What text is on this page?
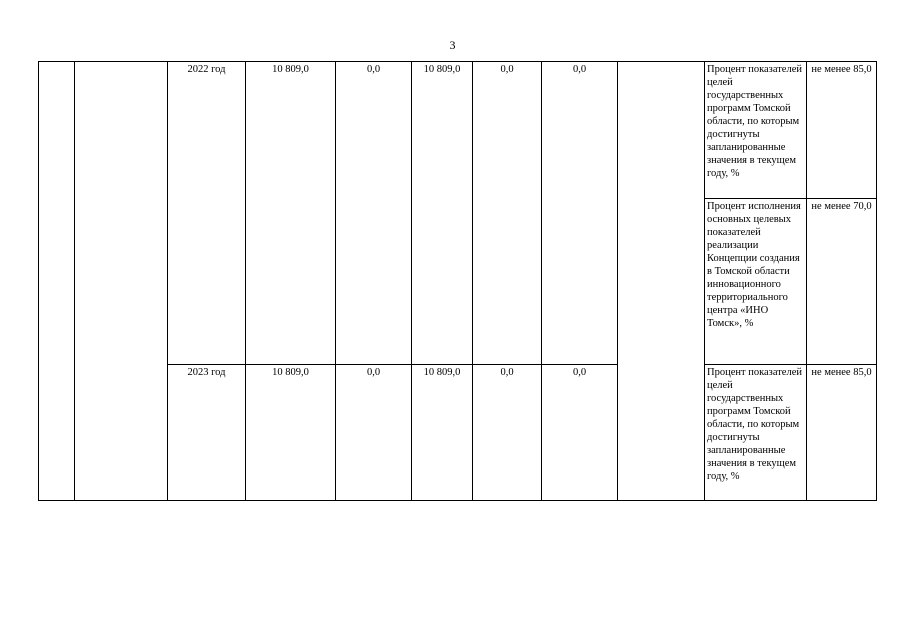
3
		2022 год	10 809,0	0,0	10 809,0	0,0	0,0		Процент показателей целей государственных программ Томской области, по которым достигнуты запланированные значения в текущем году, %	не менее 85,0
									Процент исполнения основных целевых показателей реализации Концепции создания в Томской области инновационного территориального центра «ИНО Томск», %	не менее 70,0
		2023 год	10 809,0	0,0	10 809,0	0,0	0,0		Процент показателей целей государственных программ Томской области, по которым достигнуты запланированные значения в текущем году, %	не менее 85,0
